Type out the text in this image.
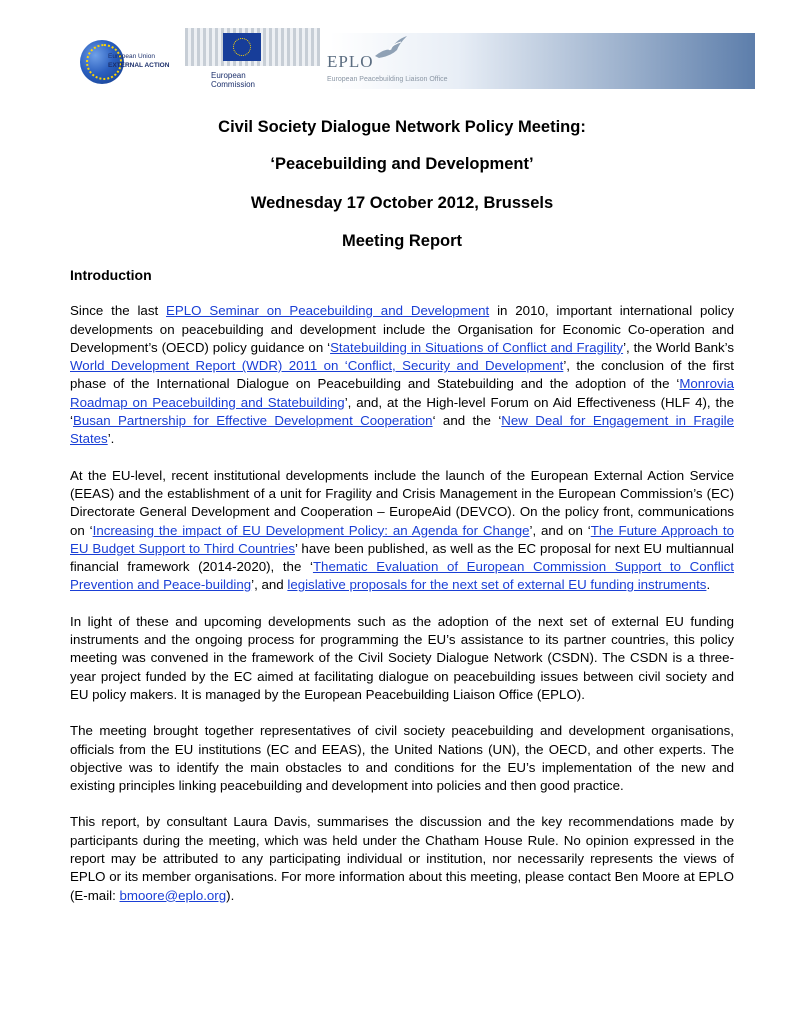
European Union
EXTERNAL ACTION
European
Commission
EPLO
European Peacebuilding Liaison Office
Civil Society Dialogue Network Policy Meeting:
‘Peacebuilding and Development’
Wednesday 17 October 2012, Brussels
Meeting Report
Introduction

Since the last EPLO Seminar on Peacebuilding and Development in 2010, important international policy developments on peacebuilding and development include the Organisation for Economic Co-operation and Development’s (OECD) policy guidance on ‘Statebuilding in Situations of Conflict and Fragility’, the World Bank’s World Development Report (WDR) 2011 on ‘Conflict, Security and Development’, the conclusion of the first phase of the International Dialogue on Peacebuilding and Statebuilding and the adoption of the ‘Monrovia Roadmap on Peacebuilding and Statebuilding’, and, at the High-level Forum on Aid Effectiveness (HLF 4), the ‘Busan Partnership for Effective Development Cooperation‘ and the ‘New Deal for Engagement in Fragile States’.

At the EU-level, recent institutional developments include the launch of the European External Action Service (EEAS) and the establishment of a unit for Fragility and Crisis Management in the European Commission’s (EC) Directorate General Development and Cooperation – EuropeAid (DEVCO). On the policy front, communications on ‘Increasing the impact of EU Development Policy: an Agenda for Change’, and on ‘The Future Approach to EU Budget Support to Third Countries’ have been published, as well as the EC proposal for next EU multiannual financial framework (2014-2020), the ‘Thematic Evaluation of European Commission Support to Conflict Prevention and Peace-building’, and legislative proposals for the next set of external EU funding instruments.

In light of these and upcoming developments such as the adoption of the next set of external EU funding instruments and the ongoing process for programming the EU’s assistance to its partner countries, this policy meeting was convened in the framework of the Civil Society Dialogue Network (CSDN). The CSDN is a three-year project funded by the EC aimed at facilitating dialogue on peacebuilding issues between civil society and EU policy makers. It is managed by the European Peacebuilding Liaison Office (EPLO).

The meeting brought together representatives of civil society peacebuilding and development organisations, officials from the EU institutions (EC and EEAS), the United Nations (UN), the OECD, and other experts. The objective was to identify the main obstacles to and conditions for the EU’s implementation of the new and existing principles linking peacebuilding and development into policies and then good practice.

This report, by consultant Laura Davis, summarises the discussion and the key recommendations made by participants during the meeting, which was held under the Chatham House Rule. No opinion expressed in the report may be attributed to any participating individual or institution, nor necessarily represents the views of EPLO or its member organisations. For more information about this meeting, please contact Ben Moore at EPLO (E-mail: bmoore@eplo.org).
